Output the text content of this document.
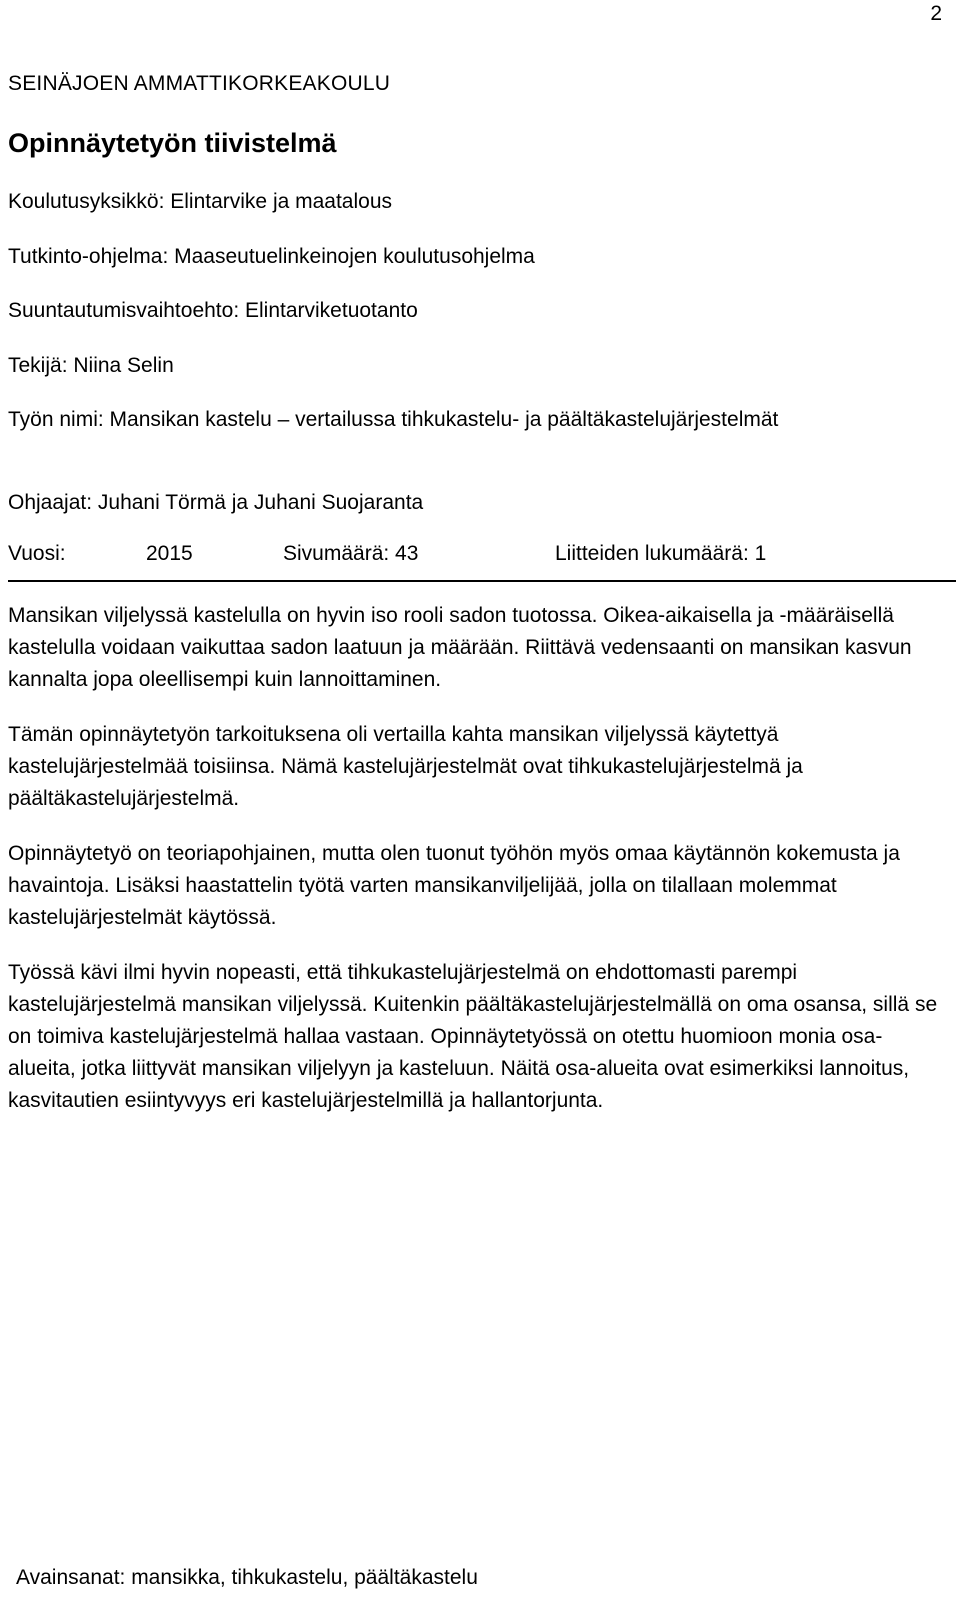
2
SEINÄJOEN AMMATTIKORKEAKOULU
Opinnäytetyön tiivistelmä
Koulutusyksikkö: Elintarvike ja maatalous
Tutkinto-ohjelma: Maaseutuelinkeinojen koulutusohjelma
Suuntautumisvaihtoehto: Elintarviketuotanto
Tekijä: Niina Selin
Työn nimi: Mansikan kastelu – vertailussa tihkukastelu- ja päältäkastelujärjestelmät
Ohjaajat: Juhani Törmä ja Juhani Suojaranta
Vuosi:	2015	Sivumäärä: 43	Liitteiden lukumäärä: 1

Mansikan viljelyssä kastelulla on hyvin iso rooli sadon tuotossa. Oikea-aikaisella ja -määräisellä kastelulla voidaan vaikuttaa sadon laatuun ja määrään. Riittävä vedensaanti on mansikan kasvun kannalta jopa oleellisempi kuin lannoittaminen.

Tämän opinnäytetyön tarkoituksena oli vertailla kahta mansikan viljelyssä käytettyä kastelujärjestelmää toisiinsa. Nämä kastelujärjestelmät ovat tihkukastelujärjestelmä ja päältäkastelujärjestelmä.

Opinnäytetyö on teoriapohjainen, mutta olen tuonut työhön myös omaa käytännön kokemusta ja havaintoja. Lisäksi haastattelin työtä varten mansikanviljelijää, jolla on tilallaan molemmat kastelujärjestelmät käytössä.

Työssä kävi ilmi hyvin nopeasti, että tihkukastelujärjestelmä on ehdottomasti parempi kastelujärjestelmä mansikan viljelyssä. Kuitenkin päältäkastelujärjestelmällä on oma osansa, sillä se on toimiva kastelujärjestelmä hallaa vastaan. Opinnäytetyössä on otettu huomioon monia osa-alueita, jotka liittyvät mansikan viljelyyn ja kasteluun. Näitä osa-alueita ovat esimerkiksi lannoitus, kasvitautien esiintyvyys eri kastelujärjestelmillä ja hallantorjunta.

Avainsanat: mansikka, tihkukastelu, päältäkastelu
